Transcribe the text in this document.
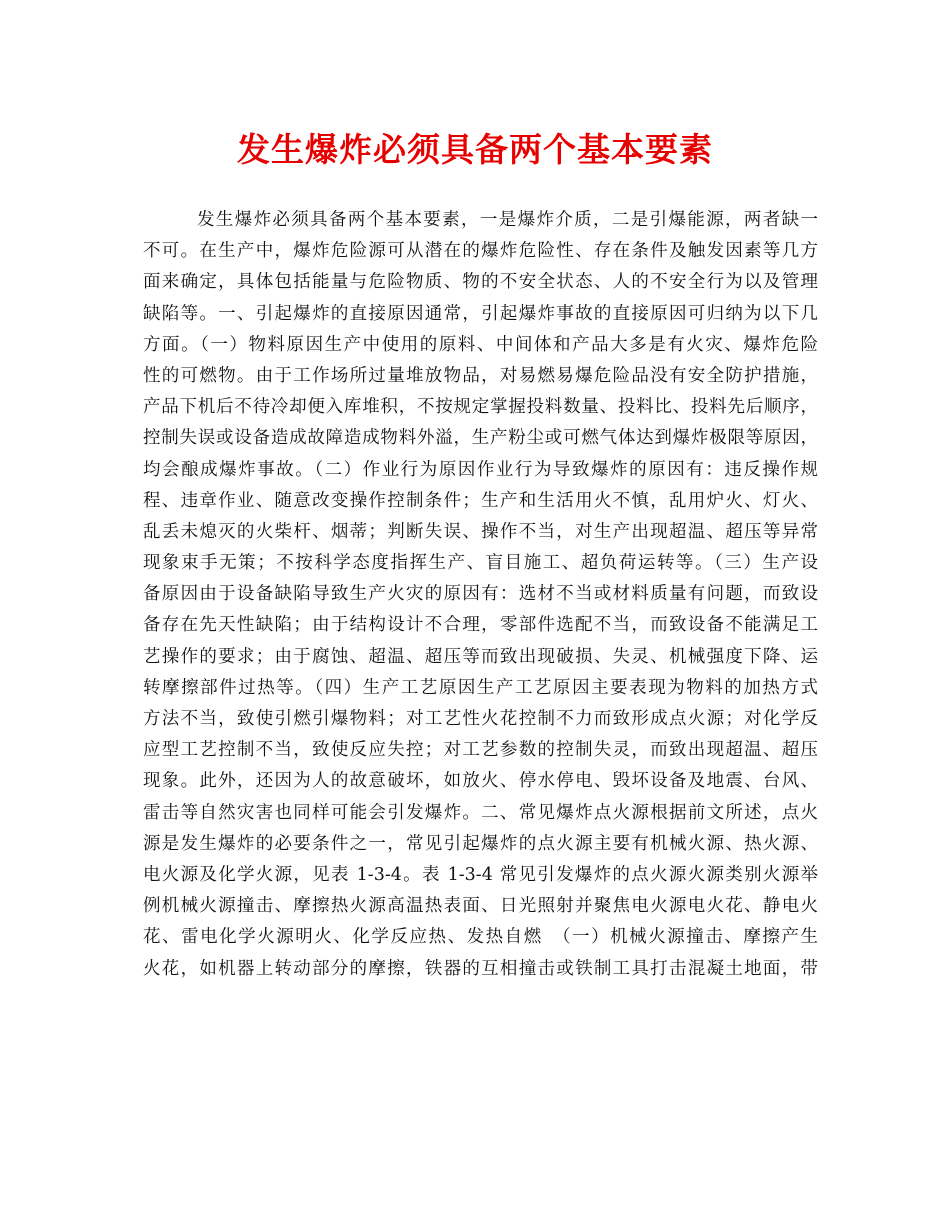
发生爆炸必须具备两个基本要素
发生爆炸必须具备两个基本要素，一是爆炸介质，二是引爆能源，两者缺一
不可。在生产中，爆炸危险源可从潜在的爆炸危险性、存在条件及触发因素等几方
面来确定，具体包括能量与危险物质、物的不安全状态、人的不安全行为以及管理
缺陷等。一、引起爆炸的直接原因通常，引起爆炸事故的直接原因可归纳为以下几
方面。（一）物料原因生产中使用的原料、中间体和产品大多是有火灾、爆炸危险
性的可燃物。由于工作场所过量堆放物品，对易燃易爆危险品没有安全防护措施，
产品下机后不待冷却便入库堆积，不按规定掌握投料数量、投料比、投料先后顺序，
控制失误或设备造成故障造成物料外溢，生产粉尘或可燃气体达到爆炸极限等原因，
均会酿成爆炸事故。（二）作业行为原因作业行为导致爆炸的原因有：违反操作规
程、违章作业、随意改变操作控制条件；生产和生活用火不慎，乱用炉火、灯火、
乱丢未熄灭的火柴杆、烟蒂；判断失误、操作不当，对生产出现超温、超压等异常
现象束手无策；不按科学态度指挥生产、盲目施工、超负荷运转等。（三）生产设
备原因由于设备缺陷导致生产火灾的原因有：选材不当或材料质量有问题，而致设
备存在先天性缺陷；由于结构设计不合理，零部件选配不当，而致设备不能满足工
艺操作的要求；由于腐蚀、超温、超压等而致出现破损、失灵、机械强度下降、运
转摩擦部件过热等。（四）生产工艺原因生产工艺原因主要表现为物料的加热方式
方法不当，致使引燃引爆物料；对工艺性火花控制不力而致形成点火源；对化学反
应型工艺控制不当，致使反应失控；对工艺参数的控制失灵，而致出现超温、超压
现象。此外，还因为人的故意破坏，如放火、停水停电、毁坏设备及地震、台风、
雷击等自然灾害也同样可能会引发爆炸。二、常见爆炸点火源根据前文所述，点火
源是发生爆炸的必要条件之一，常见引起爆炸的点火源主要有机械火源、热火源、
电火源及化学火源，见表 1-3-4。表 1-3-4 常见引发爆炸的点火源火源类别火源举
例机械火源撞击、摩擦热火源高温热表面、日光照射并聚焦电火源电火花、静电火
花、雷电化学火源明火、化学反应热、发热自燃　（一）机械火源撞击、摩擦产生
火花，如机器上转动部分的摩擦，铁器的互相撞击或铁制工具打击混凝土地面，带
